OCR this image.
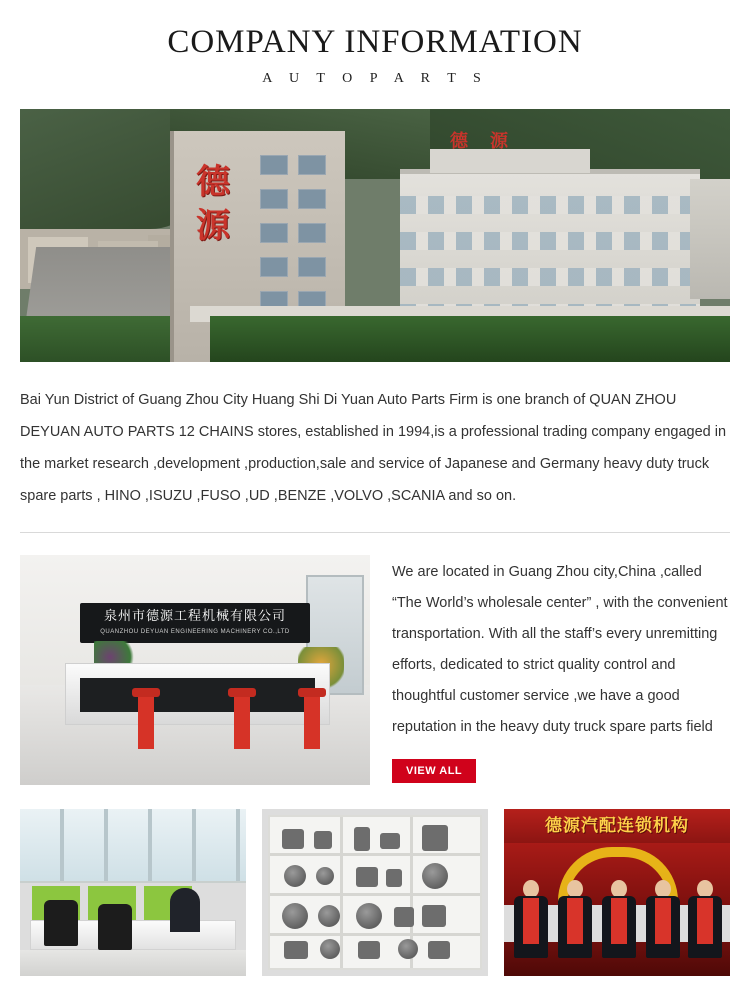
COMPANY INFORMATION
A U T O P A R T S
德源
德源
Bai Yun District of Guang Zhou City Huang Shi Di Yuan Auto Parts Firm is one branch of QUAN ZHOU DEYUAN AUTO PARTS 12 CHAINS stores, established in 1994,is a professional trading company engaged in the market research ,development ,production,sale and service of Japanese and Germany heavy duty truck spare parts , HINO ,ISUZU ,FUSO ,UD ,BENZE ,VOLVO ,SCANIA and so on.
泉州市德源工程机械有限公司
QUANZHOU DEYUAN ENGINEERING MACHINERY CO.,LTD

We are located in Guang Zhou city,China ,called “The World’s wholesale center” , with the convenient transportation. With all the staff’s every unremitting efforts, dedicated to strict quality control and thoughtful customer service ,we have a good reputation in the heavy duty truck spare parts field

VIEW ALL
德源汽配连锁机构
